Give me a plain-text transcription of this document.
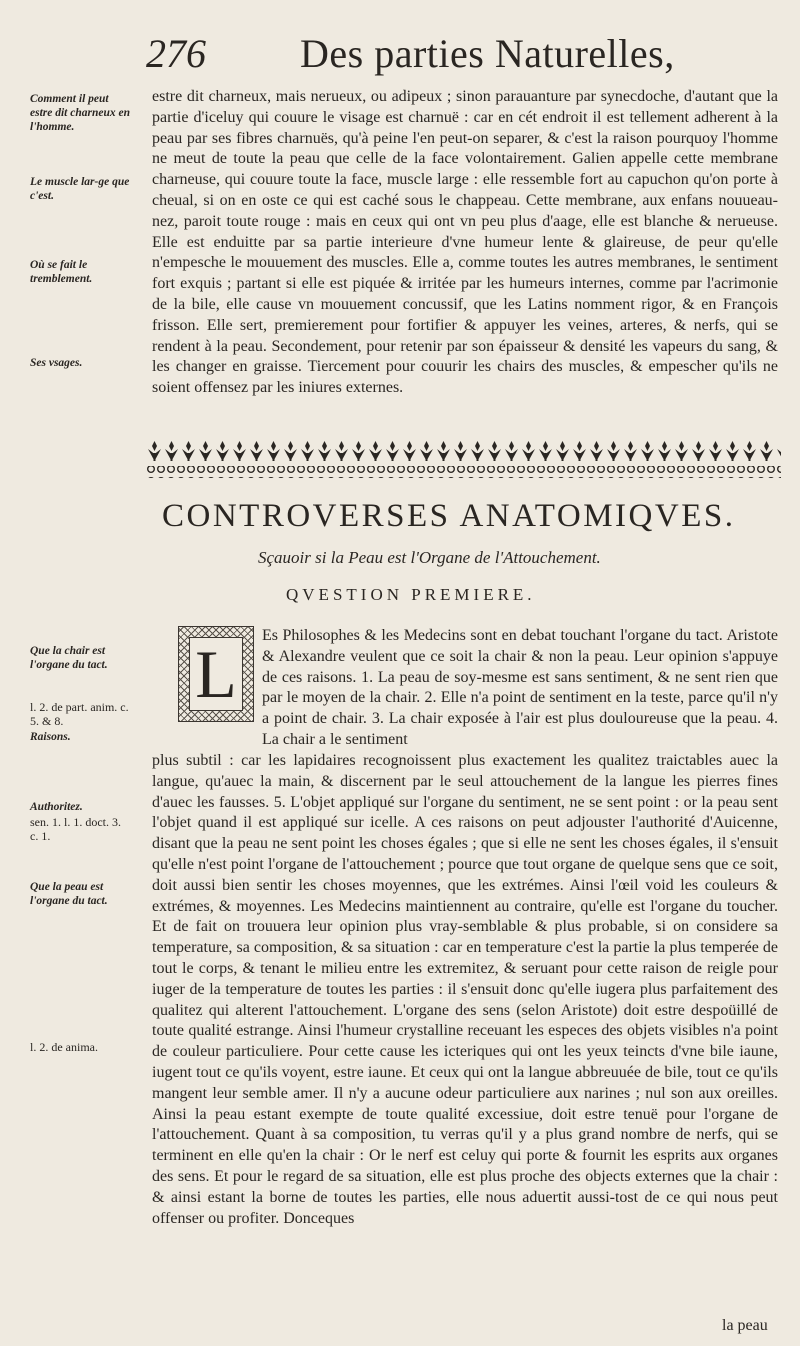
276 Des parties Naturelles,
Comment il peut estre dit charneux en l'homme.
Le muscle lar-ge que c'est.
Où se fait le tremblement.
Ses vsages.
Que la chair est l'organe du tact.
l. 2. de part. anim. c. 5. & 8.
Raisons.
Authoritez.
sen. 1. l. 1. doct. 3. c. 1.
Que la peau est l'organe du tact.
l. 2. de anima.

estre dit charneux, mais nerueux, ou adipeux ; sinon parauanture par synecdoche, d'autant que la partie d'iceluy qui couure le visage est charnuë : car en cét endroit il est tellement adherent à la peau par ses fibres charnuës, qu'à peine l'en peut-on separer, & c'est la raison pourquoy l'homme ne meut de toute la peau que celle de la face volontairement. Galien appelle cette membrane charneuse, qui couure toute la face, muscle large : elle ressemble fort au capuchon qu'on porte à cheual, si on en oste ce qui est caché sous le chappeau. Cette membrane, aux enfans nouueau-nez, paroit toute rouge : mais en ceux qui ont vn peu plus d'aage, elle est blanche & nerueuse. Elle est enduitte par sa partie interieure d'vne humeur lente & glaireuse, de peur qu'elle n'empesche le mouuement des muscles. Elle a, comme toutes les autres membranes, le sentiment fort exquis ; partant si elle est piquée & irritée par les humeurs internes, comme par l'acrimonie de la bile, elle cause vn mouuement concussif, que les Latins nomment rigor, & en François frisson. Elle sert, premierement pour fortifier & appuyer les veines, arteres, & nerfs, qui se rendent à la peau. Secondement, pour retenir par son épaisseur & densité les vapeurs du sang, & les changer en graisse. Tiercement pour couurir les chairs des muscles, & empescher qu'ils ne soient offensez par les iniures externes.

CONTROVERSES ANATOMIQVES.
Sçauoir si la Peau est l'Organe de l'Attouchement.
QVESTION PREMIERE.
L

Es Philosophes & les Medecins sont en debat touchant l'organe du tact. Aristote & Alexandre veulent que ce soit la chair & non la peau. Leur opinion s'appuye de ces raisons. 1. La peau de soy-mesme est sans sentiment, & ne sent rien que par le moyen de la chair. 2. Elle n'a point de sentiment en la teste, parce qu'il n'y a point de chair. 3. La chair exposée à l'air est plus douloureuse que la peau. 4. La chair a le sentiment

plus subtil : car les lapidaires recognoissent plus exactement les qualitez traictables auec la langue, qu'auec la main, & discernent par le seul attouchement de la langue les pierres fines d'auec les fausses. 5. L'objet appliqué sur l'organe du sentiment, ne se sent point : or la peau sent l'objet quand il est appliqué sur icelle. A ces raisons on peut adjouster l'authorité d'Auicenne, disant que la peau ne sent point les choses égales ; que si elle ne sent les choses égales, il s'ensuit qu'elle n'est point l'organe de l'attouchement ; pource que tout organe de quelque sens que ce soit, doit aussi bien sentir les choses moyennes, que les extrémes. Ainsi l'œil void les couleurs & extrémes, & moyennes. Les Medecins maintiennent au contraire, qu'elle est l'organe du toucher. Et de fait on trouuera leur opinion plus vray-semblable & plus probable, si on considere sa temperature, sa composition, & sa situation : car en temperature c'est la partie la plus temperée de tout le corps, & tenant le milieu entre les extremitez, & seruant pour cette raison de reigle pour iuger de la temperature de toutes les parties : il s'ensuit donc qu'elle iugera plus parfaitement des qualitez qui alterent l'attouchement. L'organe des sens (selon Aristote) doit estre despoüillé de toute qualité estrange. Ainsi l'humeur crystalline receuant les especes des objets visibles n'a point de couleur particuliere. Pour cette cause les icteriques qui ont les yeux teincts d'vne bile iaune, iugent tout ce qu'ils voyent, estre iaune. Et ceux qui ont la langue abbreuuée de bile, tout ce qu'ils mangent leur semble amer. Il n'y a aucune odeur particuliere aux narines ; nul son aux oreilles. Ainsi la peau estant exempte de toute qualité excessiue, doit estre tenuë pour l'organe de l'attouchement. Quant à sa composition, tu verras qu'il y a plus grand nombre de nerfs, qui se terminent en elle qu'en la chair : Or le nerf est celuy qui porte & fournit les esprits aux organes des sens. Et pour le regard de sa situation, elle est plus proche des objects externes que la chair : & ainsi estant la borne de toutes les parties, elle nous aduertit aussi-tost de ce qui nous peut offenser ou profiter. Donceques

la peau
